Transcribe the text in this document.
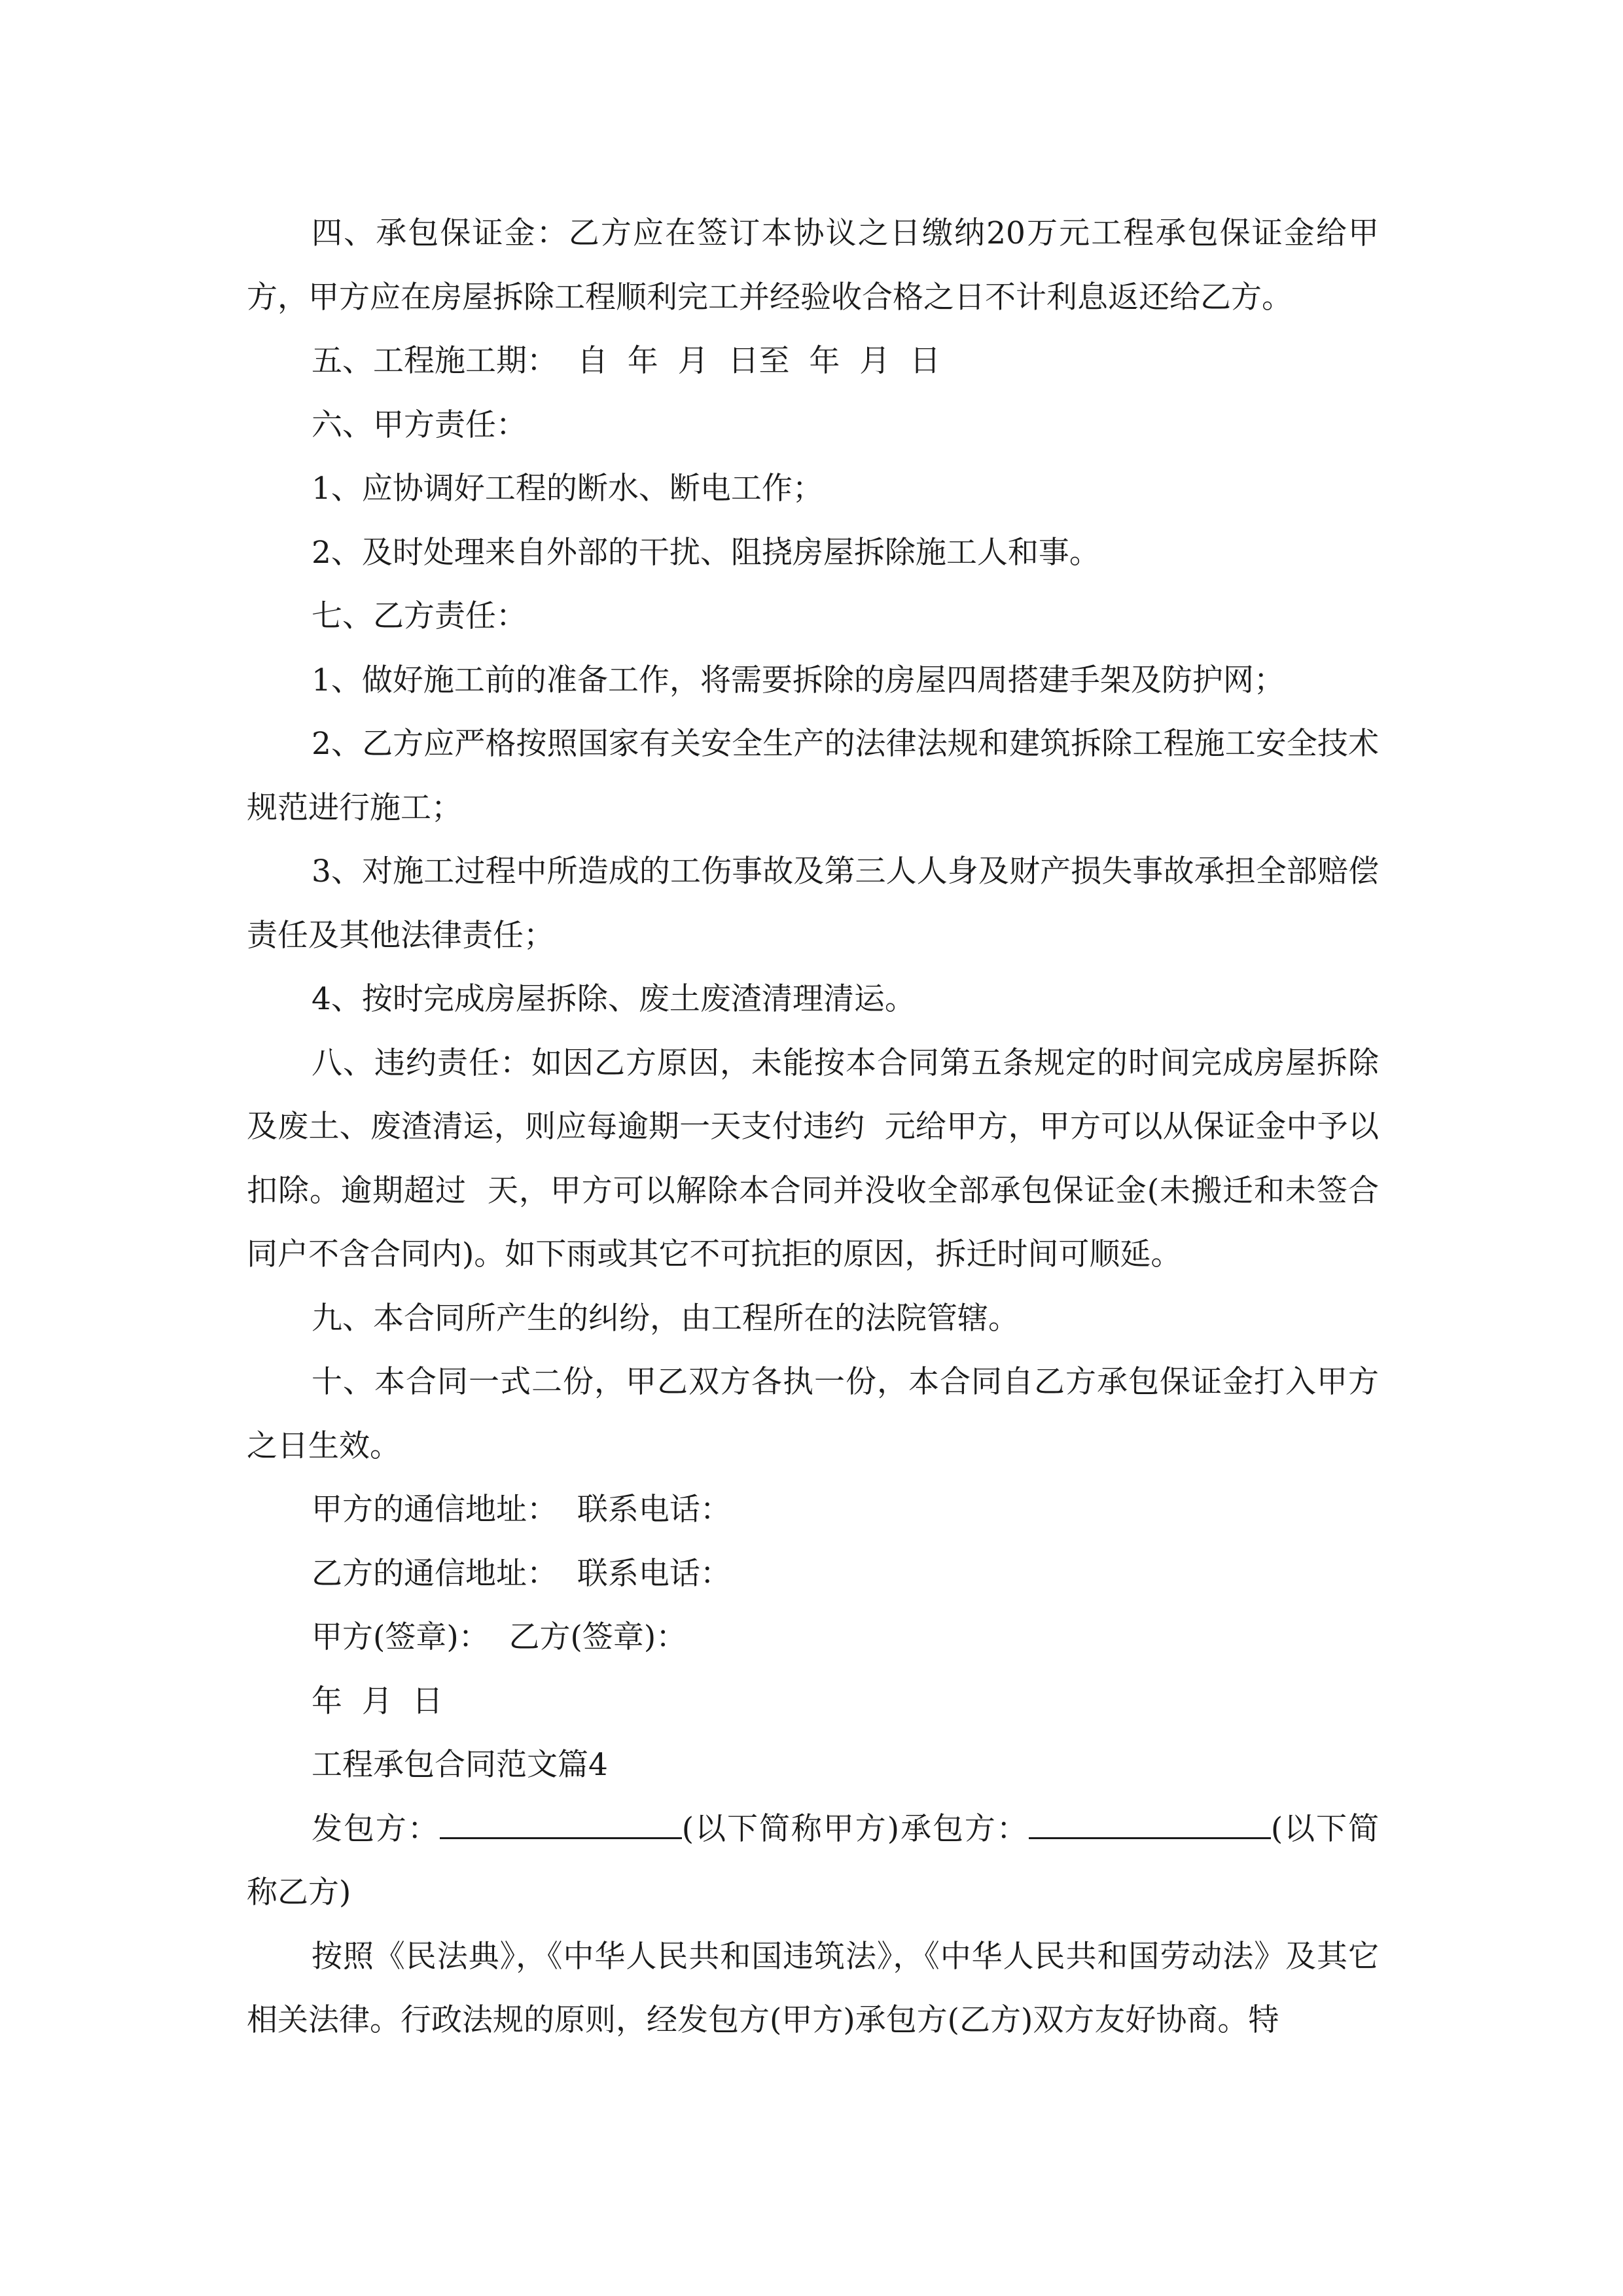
四、承包保证金：乙方应在签订本协议之日缴纳20万元工程承包保证金给甲方，甲方应在房屋拆除工程顺利完工并经验收合格之日不计利息返还给乙方。

五、工程施工期：  自  年  月  日至  年  月  日

六、甲方责任：

1、应协调好工程的断水、断电工作；

2、及时处理来自外部的干扰、阻挠房屋拆除施工人和事。

七、乙方责任：

1、做好施工前的准备工作，将需要拆除的房屋四周搭建手架及防护网；

2、乙方应严格按照国家有关安全生产的法律法规和建筑拆除工程施工安全技术规范进行施工；

3、对施工过程中所造成的工伤事故及第三人人身及财产损失事故承担全部赔偿责任及其他法律责任；

4、按时完成房屋拆除、废土废渣清理清运。

八、违约责任：如因乙方原因，未能按本合同第五条规定的时间完成房屋拆除及废土、废渣清运，则应每逾期一天支付违约  元给甲方，甲方可以从保证金中予以扣除。逾期超过  天，甲方可以解除本合同并没收全部承包保证金(未搬迁和未签合同户不含合同内)。如下雨或其它不可抗拒的原因，拆迁时间可顺延。

九、本合同所产生的纠纷，由工程所在的法院管辖。

十、本合同一式二份，甲乙双方各执一份，本合同自乙方承包保证金打入甲方之日生效。

甲方的通信地址：  联系电话：

乙方的通信地址：  联系电话：

甲方(签章)：  乙方(签章)：

年  月  日

工程承包合同范文篇4

发包方：	(以下简称甲方)承包方：	(以下简称乙方)

按照《民法典》，《中华人民共和国违筑法》，《中华人民共和国劳动法》及其它相关法律。行政法规的原则，经发包方(甲方)承包方(乙方)双方友好协商。特
